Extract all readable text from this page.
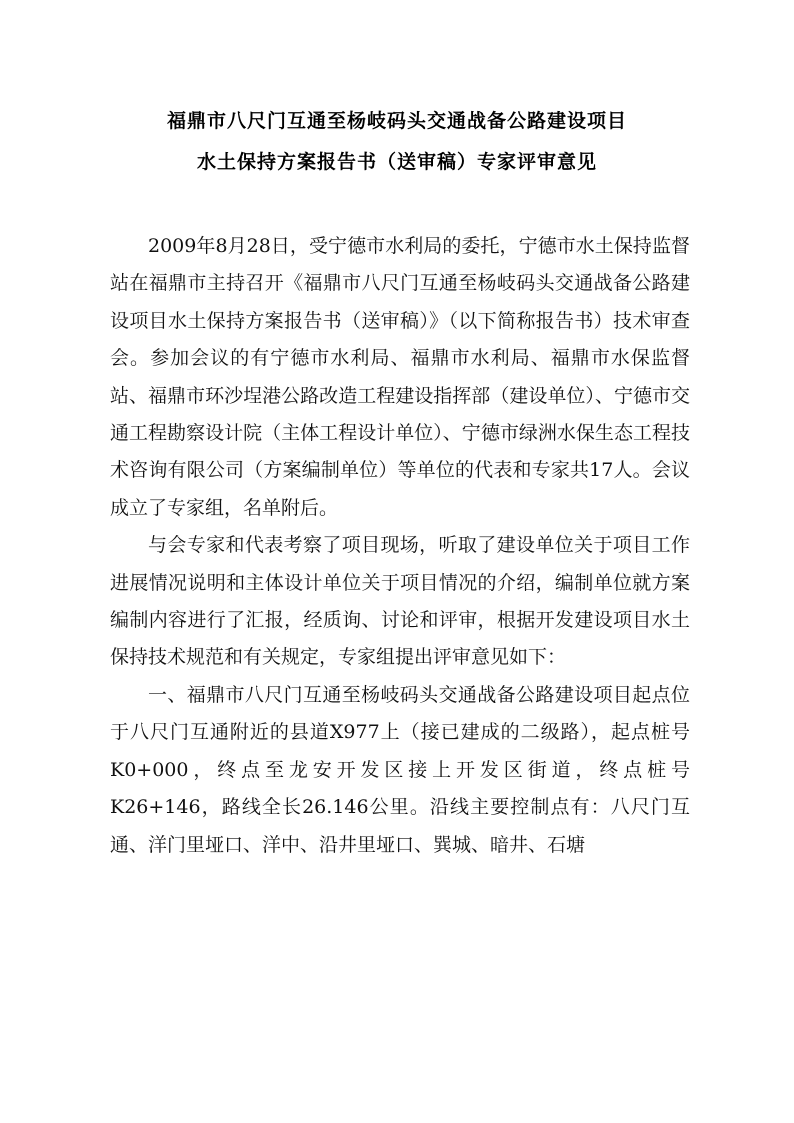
福鼎市八尺门互通至杨岐码头交通战备公路建设项目
水土保持方案报告书（送审稿）专家评审意见

2009年8月28日，受宁德市水利局的委托，宁德市水土保持监督站在福鼎市主持召开《福鼎市八尺门互通至杨岐码头交通战备公路建设项目水土保持方案报告书（送审稿）》（以下简称报告书）技术审查会。参加会议的有宁德市水利局、福鼎市水利局、福鼎市水保监督站、福鼎市环沙埕港公路改造工程建设指挥部（建设单位）、宁德市交通工程勘察设计院（主体工程设计单位）、宁德市绿洲水保生态工程技术咨询有限公司（方案编制单位）等单位的代表和专家共17人。会议成立了专家组，名单附后。

与会专家和代表考察了项目现场，听取了建设单位关于项目工作进展情况说明和主体设计单位关于项目情况的介绍，编制单位就方案编制内容进行了汇报，经质询、讨论和评审，根据开发建设项目水土保持技术规范和有关规定，专家组提出评审意见如下：

一、福鼎市八尺门互通至杨岐码头交通战备公路建设项目起点位于八尺门互通附近的县道X977上（接已建成的二级路），起点桩号K0+000，终点至龙安开发区接上开发区街道，终点桩号K26+146，路线全长26.146公里。沿线主要控制点有：八尺门互通、洋门里垭口、洋中、沿井里垭口、巽城、暗井、石塘
